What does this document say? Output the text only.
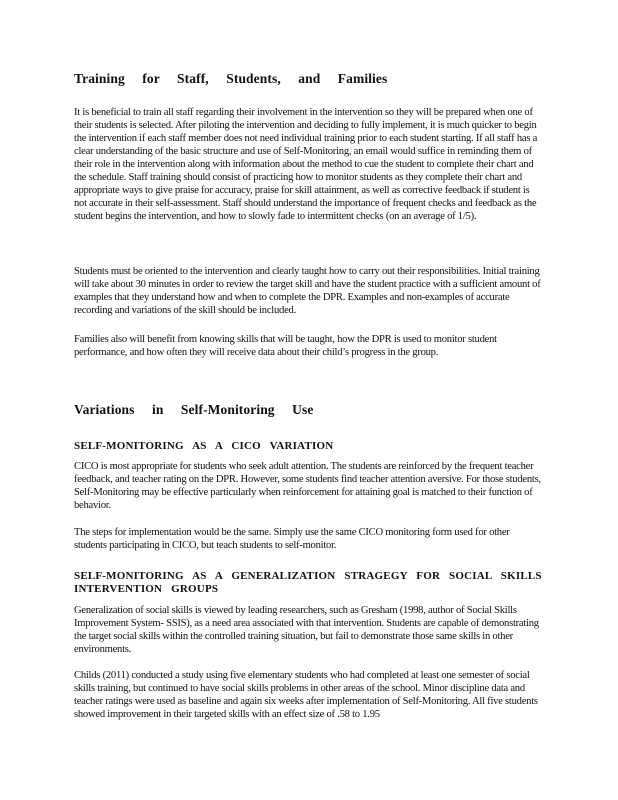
Training for Staff, Students, and Families

It is beneficial to train all staff regarding their involvement in the intervention so they will be prepared when one of their students is selected. After piloting the intervention and deciding to fully implement, it is much quicker to begin the intervention if each staff member does not need individual training prior to each student starting. If all staff has a clear understanding of the basic structure and use of Self-Monitoring, an email would suffice in reminding them of their role in the intervention along with information about the method to cue the student to complete their chart and the schedule. Staff training should consist of practicing how to monitor students as they complete their chart and appropriate ways to give praise for accuracy, praise for skill attainment, as well as corrective feedback if student is not accurate in their self-assessment. Staff should understand the importance of frequent checks and feedback as the student begins the intervention, and how to slowly fade to intermittent checks (on an average of 1/5).

Students must be oriented to the intervention and clearly taught how to carry out their responsibilities. Initial training will take about 30 minutes in order to review the target skill and have the student practice with a sufficient amount of examples that they understand how and when to complete the DPR. Examples and non-examples of accurate recording and variations of the skill should be included.

Families also will benefit from knowing skills that will be taught, how the DPR is used to monitor student performance, and how often they will receive data about their child’s progress in the group.

Variations in Self-Monitoring Use
SELF-MONITORING AS A CICO VARIATION

CICO is most appropriate for students who seek adult attention. The students are reinforced by the frequent teacher feedback, and teacher rating on the DPR. However, some students find teacher attention aversive. For those students, Self-Monitoring may be effective particularly when reinforcement for attaining goal is matched to their function of behavior.

The steps for implementation would be the same. Simply use the same CICO monitoring form used for other students participating in CICO, but teach students to self-monitor.

SELF-MONITORING AS A GENERALIZATION STRAGEGY FOR SOCIAL SKILLS INTERVENTION GROUPS

Generalization of social skills is viewed by leading researchers, such as Gresham (1998, author of Social Skills Improvement System- SSIS), as a need area associated with that intervention. Students are capable of demonstrating the target social skills within the controlled training situation, but fail to demonstrate those same skills in other environments.

Childs (2011) conducted a study using five elementary students who had completed at least one semester of social skills training, but continued to have social skills problems in other areas of the school. Minor discipline data and teacher ratings were used as baseline and again six weeks after implementation of Self-Monitoring. All five students showed improvement in their targeted skills with an effect size of .58 to 1.95
